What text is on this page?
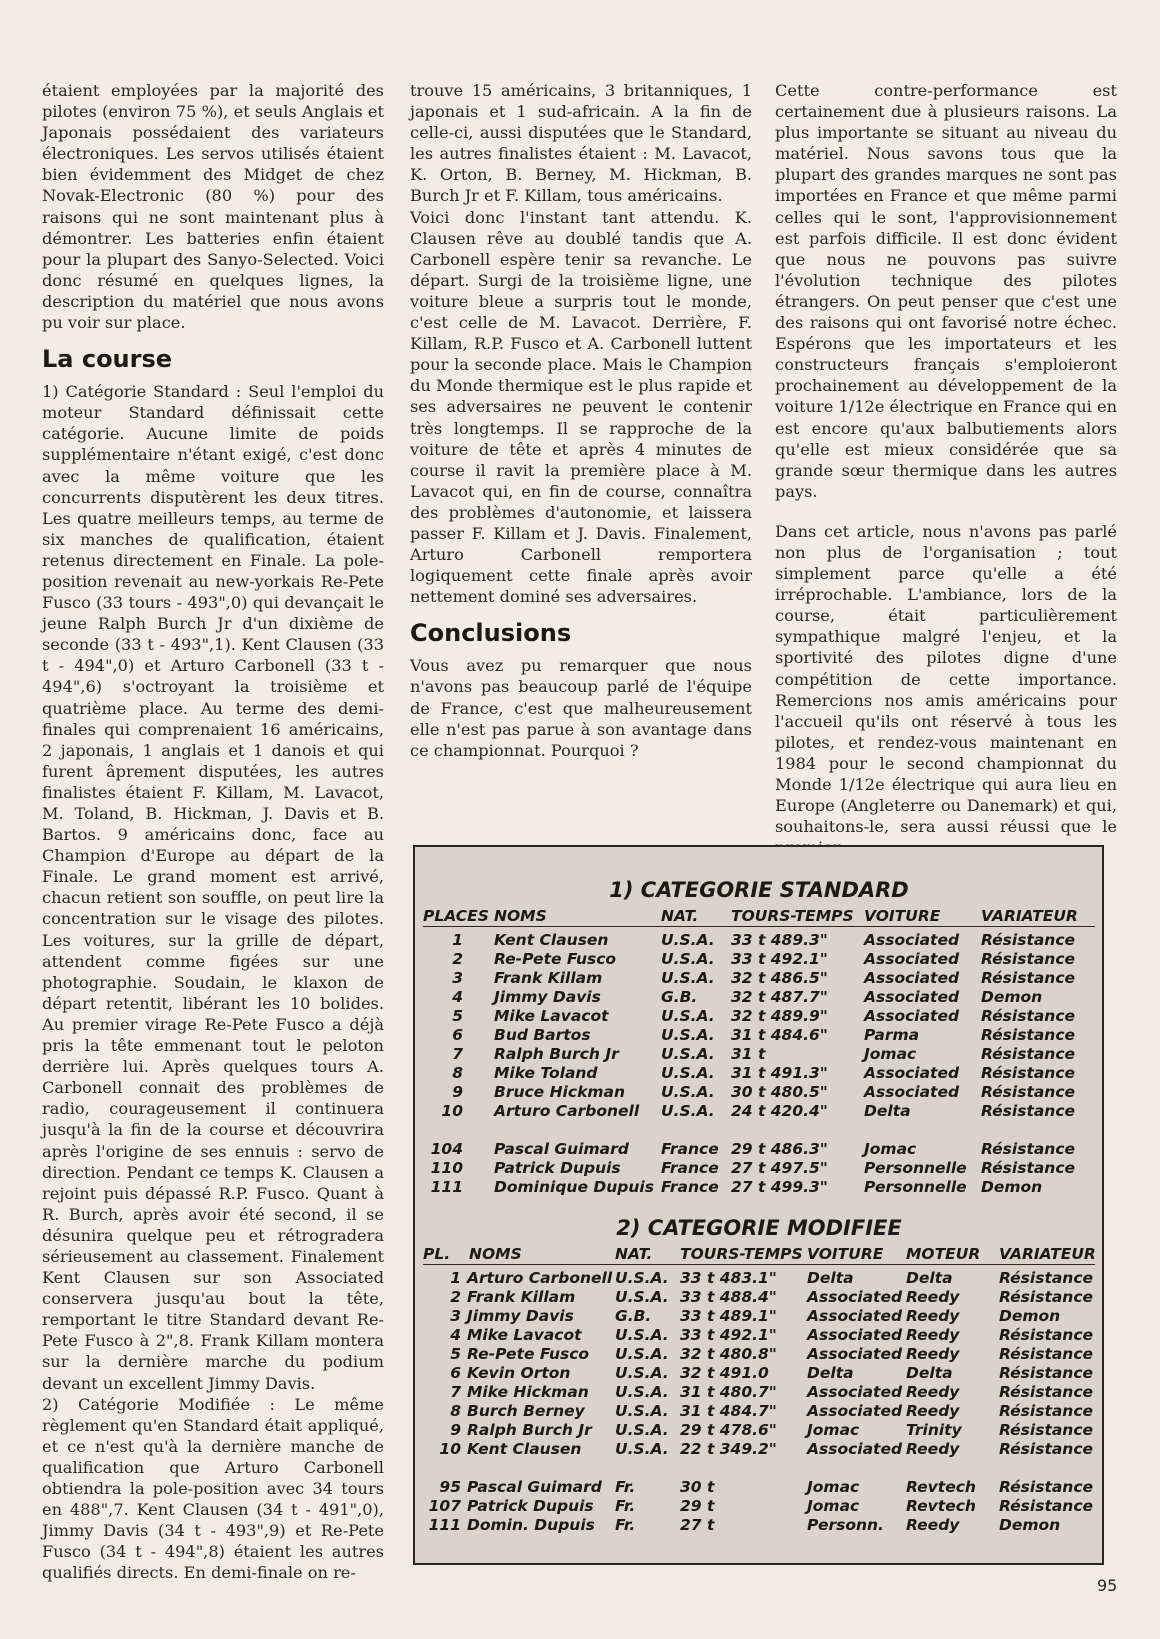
étaient employées par la majorité des pilotes (environ 75 %), et seuls Anglais et Japonais possédaient des variateurs électroniques. Les servos utilisés étaient bien évidemment des Midget de chez Novak-Electronic (80 %) pour des raisons qui ne sont maintenant plus à démontrer. Les batteries enfin étaient pour la plupart des Sanyo-Selected. Voici donc résumé en quelques lignes, la description du matériel que nous avons pu voir sur place.

La course

1) Catégorie Standard : Seul l'emploi du moteur Standard définissait cette catégorie. Aucune limite de poids supplémentaire n'étant exigé, c'est donc avec la même voiture que les concurrents disputèrent les deux titres. Les quatre meilleurs temps, au terme de six manches de qualification, étaient retenus directement en Finale. La pole-position revenait au new-yorkais Re-Pete Fusco (33 tours - 493",0) qui devançait le jeune Ralph Burch Jr d'un dixième de seconde (33 t - 493",1). Kent Clausen (33 t - 494",0) et Arturo Carbonell (33 t - 494",6) s'octroyant la troisième et quatrième place. Au terme des demi-finales qui comprenaient 16 américains, 2 japonais, 1 anglais et 1 danois et qui furent âprement disputées, les autres finalistes étaient F. Killam, M. Lavacot, M. Toland, B. Hickman, J. Davis et B. Bartos. 9 américains donc, face au Champion d'Europe au départ de la Finale. Le grand moment est arrivé, chacun retient son souffle, on peut lire la concentration sur le visage des pilotes. Les voitures, sur la grille de départ, attendent comme figées sur une photographie. Soudain, le klaxon de départ retentit, libérant les 10 bolides. Au premier virage Re-Pete Fusco a déjà pris la tête emmenant tout le peloton derrière lui. Après quelques tours A. Carbonell connait des problèmes de radio, courageusement il continuera jusqu'à la fin de la course et découvrira après l'origine de ses ennuis : servo de direction. Pendant ce temps K. Clausen a rejoint puis dépassé R.P. Fusco. Quant à R. Burch, après avoir été second, il se désunira quelque peu et rétrogradera sérieusement au classement. Finalement Kent Clausen sur son Associated conservera jusqu'au bout la tête, remportant le titre Standard devant Re-Pete Fusco à 2",8. Frank Killam montera sur la dernière marche du podium devant un excellent Jimmy Davis.

2) Catégorie Modifiée : Le même règlement qu'en Standard était appliqué, et ce n'est qu'à la dernière manche de qualification que Arturo Carbonell obtiendra la pole-position avec 34 tours en 488",7. Kent Clausen (34 t - 491",0), Jimmy Davis (34 t - 493",9) et Re-Pete Fusco (34 t - 494",8) étaient les autres qualifiés directs. En demi-finale on re-

trouve 15 américains, 3 britanniques, 1 japonais et 1 sud-africain. A la fin de celle-ci, aussi disputées que le Standard, les autres finalistes étaient : M. Lavacot, K. Orton, B. Berney, M. Hickman, B. Burch Jr et F. Killam, tous américains.

Voici donc l'instant tant attendu. K. Clausen rêve au doublé tandis que A. Carbonell espère tenir sa revanche. Le départ. Surgi de la troisième ligne, une voiture bleue a surpris tout le monde, c'est celle de M. Lavacot. Derrière, F. Killam, R.P. Fusco et A. Carbonell luttent pour la seconde place. Mais le Champion du Monde thermique est le plus rapide et ses adversaires ne peuvent le contenir très longtemps. Il se rapproche de la voiture de tête et après 4 minutes de course il ravit la première place à M. Lavacot qui, en fin de course, connaîtra des problèmes d'autonomie, et laissera passer F. Killam et J. Davis. Finalement, Arturo Carbonell remportera logiquement cette finale après avoir nettement dominé ses adversaires.

Conclusions

Vous avez pu remarquer que nous n'avons pas beaucoup parlé de l'équipe de France, c'est que malheureusement elle n'est pas parue à son avantage dans ce championnat. Pourquoi ?

Cette contre-performance est certainement due à plusieurs raisons. La plus importante se situant au niveau du matériel. Nous savons tous que la plupart des grandes marques ne sont pas importées en France et que même parmi celles qui le sont, l'approvisionnement est parfois difficile. Il est donc évident que nous ne pouvons pas suivre l'évolution technique des pilotes étrangers. On peut penser que c'est une des raisons qui ont favorisé notre échec. Espérons que les importateurs et les constructeurs français s'emploieront prochainement au développement de la voiture 1/12e électrique en France qui en est encore qu'aux balbutiements alors qu'elle est mieux considérée que sa grande sœur thermique dans les autres pays.

Dans cet article, nous n'avons pas parlé non plus de l'organisation ; tout simplement parce qu'elle a été irréprochable. L'ambiance, lors de la course, était particulièrement sympathique malgré l'enjeu, et la sportivité des pilotes digne d'une compétition de cette importance. Remercions nos amis américains pour l'accueil qu'ils ont réservé à tous les pilotes, et rendez-vous maintenant en 1984 pour le second championnat du Monde 1/12e électrique qui aura lieu en Europe (Angleterre ou Danemark) et qui, souhaitons-le, sera aussi réussi que le

1) CATEGORIE STANDARD
PLACES NOMS	NAT. TOURS-TEMPS VOITURE	VARIATEUR
1 Kent Clausen	U.S.A. 33 t 489.3" Associated Résistance
2 Re-Pete Fusco	U.S.A. 33 t 492.1" Associated Résistance
3 Frank Killam	U.S.A. 32 t 486.5" Associated Résistance
4 Jimmy Davis	G.B. 32 t 487.7" Associated Demon
5 Mike Lavacot	U.S.A. 32 t 489.9" Associated Résistance
6 Bud Bartos	U.S.A. 31 t 484.6" Parma	Résistance
7 Ralph Burch Jr	U.S.A. 31 t	Jomac	Résistance
8 Mike Toland	U.S.A. 31 t 491.3" Associated Résistance
9 Bruce Hickman U.S.A. 30 t 480.5" Associated Résistance
10 Arturo Carbonell U.S.A. 24 t 420.4" Delta	Résistance
104 Pascal Guimard France 29 t 486.3" Jomac	Résistance
110 Patrick Dupuis	France 27 t 497.5" Personnelle Résistance
111 Dominique Dupuis France 27 t 499.3" Personnelle Demon
2) CATEGORIE MODIFIEE
PL. NOMS	NAT. TOURS-TEMPS VOITURE MOTEUR VARIATEUR
1 Arturo Carbonell U.S.A. 33 t 483.1" Delta	Delta	Résistance
2 Frank Killam	U.S.A. 33 t 488.4" Associated Reedy	Résistance
3 Jimmy Davis	G.B. 33 t 489.1" Associated Reedy	Demon
4 Mike Lavacot U.S.A. 33 t 492.1" Associated Reedy	Résistance
5 Re-Pete Fusco U.S.A. 32 t 480.8" Associated Reedy	Résistance
6 Kevin Orton	U.S.A. 32 t 491.0 Delta	Delta	Résistance
7 Mike Hickman U.S.A. 31 t 480.7" Associated Reedy	Résistance
8 Burch Berney U.S.A. 31 t 484.7" Associated Reedy	Résistance
9 Ralph Burch Jr U.S.A. 29 t 478.6" Jomac	Trinity Résistance
10 Kent Clausen U.S.A. 22 t 349.2" Associated Reedy	Résistance
95 Pascal Guimard Fr.	30 t	Jomac	Revtech Résistance
107 Patrick Dupuis Fr.	29 t	Jomac	Revtech Résistance
111 Domin. Dupuis Fr.	27 t	Personn. Reedy	Demon
95
